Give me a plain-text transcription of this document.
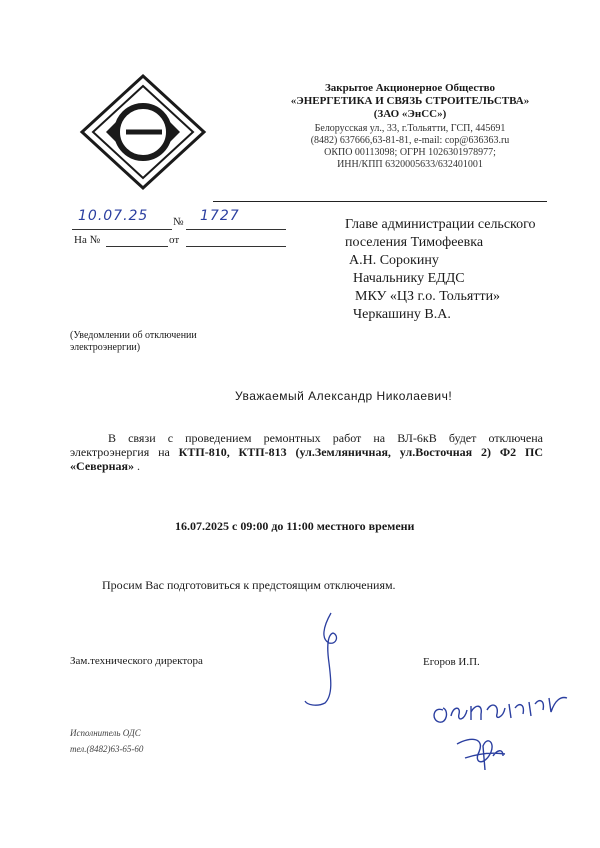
Закрытое Акционерное Общество
«ЭНЕРГЕТИКА И СВЯЗЬ СТРОИТЕЛЬСТВА»
(ЗАО «ЭнСС»)
Белорусская ул., 33, г.Тольятти, ГСП, 445691
(8482) 637666,63-81-81, e-mail: cop@636363.ru
ОКПО 00113098; ОГРН 1026301978977;
ИНН/КПП 6320005633/632401001
10.07.25 № 1727
На №	от
Главе администрации сельского
поселения Тимофеевка
А.Н. Сорокину
Начальнику ЕДДС
МКУ «ЦЗ г.о. Тольятти»
Черкашину В.А.
(Уведомлении об отключении
электроэнергии)
Уважаемый Александр Николаевич!
В связи с проведением ремонтных работ на ВЛ-6кВ будет отключена электроэнергия на КТП-810, КТП-813 (ул.Земляничная, ул.Восточная 2) Ф2 ПС «Северная» .
16.07.2025 с 09:00 до 11:00 местного времени
Просим Вас подготовиться к предстоящим отключениям.
Зам.технического директора	Егоров И.П.
Исполнитель ОДС
тел.(8482)63-65-60
